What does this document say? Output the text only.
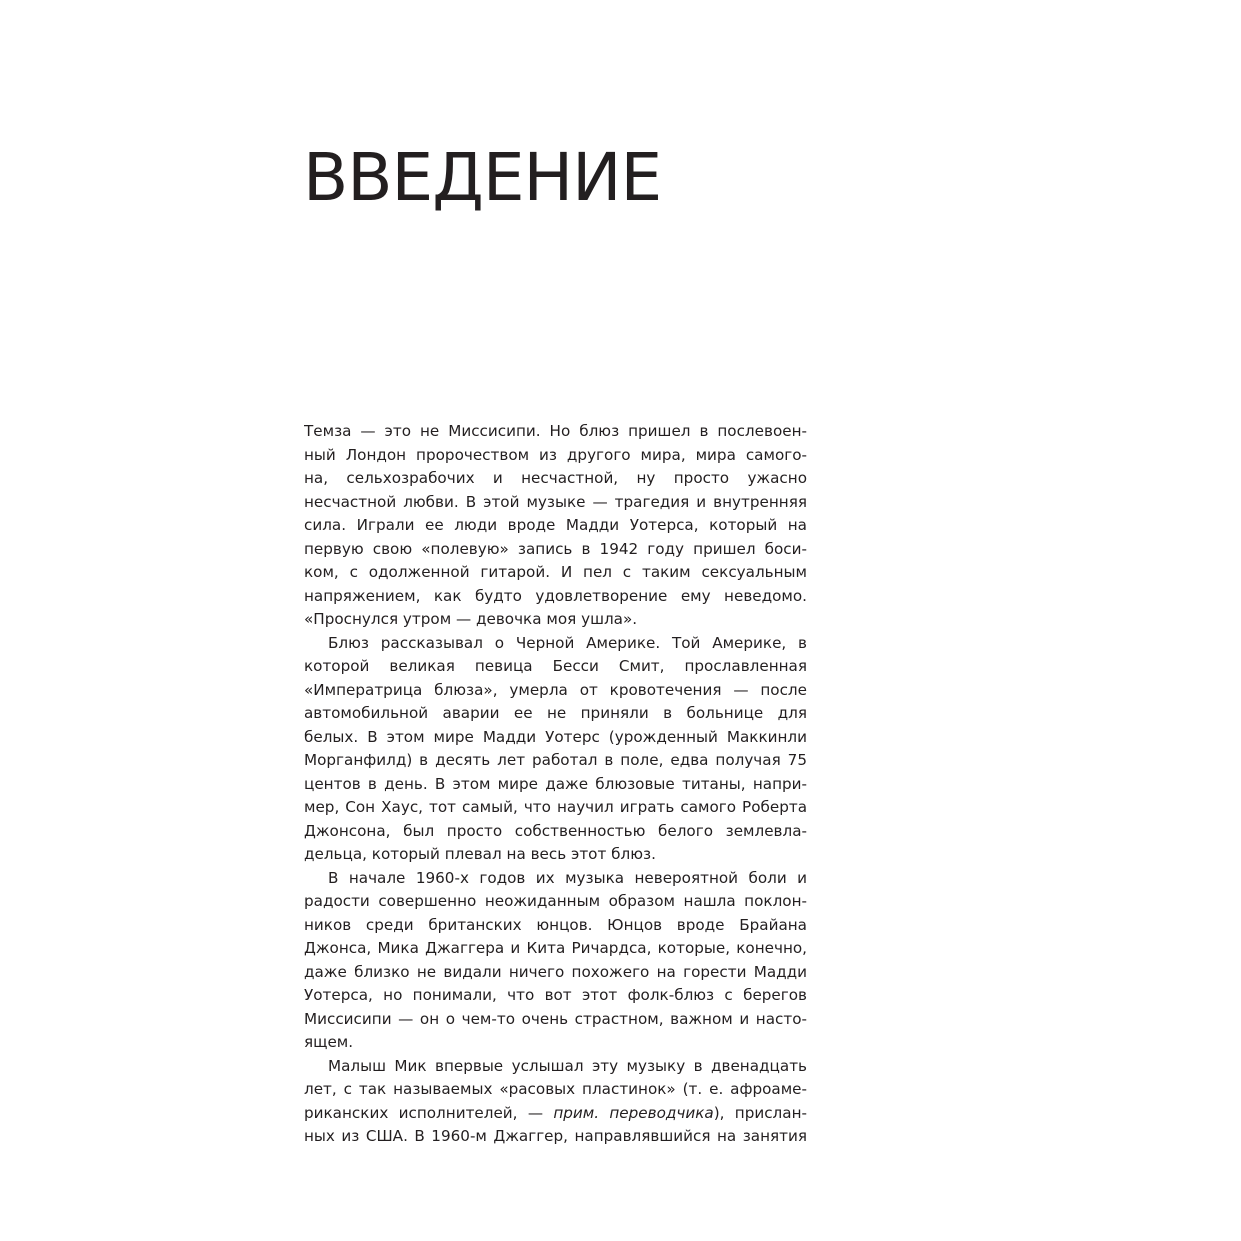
ВВЕДЕНИЕ
Темза — это не Миссисипи. Но блюз пришел в послевоен-
ный Лондон пророчеством из другого мира, мира самого-
на, сельхозрабочих и несчастной, ну просто ужасно
несчастной любви. В этой музыке — трагедия и внутренняя
сила. Играли ее люди вроде Мадди Уотерса, который на
первую свою «полевую» запись в 1942 году пришел боси-
ком, с одолженной гитарой. И пел с таким сексуальным
напряжением, как будто удовлетворение ему неведомо.
«Проснулся утром — девочка моя ушла».
Блюз рассказывал о Черной Америке. Той Америке, в
которой великая певица Бесси Смит, прославленная
«Императрица блюза», умерла от кровотечения — после
автомобильной аварии ее не приняли в больнице для
белых. В этом мире Мадди Уотерс (урожденный Маккинли
Морганфилд) в десять лет работал в поле, едва получая 75
центов в день. В этом мире даже блюзовые титаны, напри-
мер, Сон Хаус, тот самый, что научил играть самого Роберта
Джонсона, был просто собственностью белого землевла-
дельца, который плевал на весь этот блюз.
В начале 1960-х годов их музыка невероятной боли и
радости совершенно неожиданным образом нашла поклон-
ников среди британских юнцов. Юнцов вроде Брайана
Джонса, Мика Джаггера и Кита Ричардса, которые, конечно,
даже близко не видали ничего похожего на горести Мадди
Уотерса, но понимали, что вот этот фолк-блюз с берегов
Миссисипи — он о чем-то очень страстном, важном и насто-
ящем.
Малыш Мик впервые услышал эту музыку в двенадцать
лет, с так называемых «расовых пластинок» (т. е. афроаме-
риканских исполнителей, — прим. переводчика), прислан-
ных из США. В 1960-м Джаггер, направлявшийся на занятия
